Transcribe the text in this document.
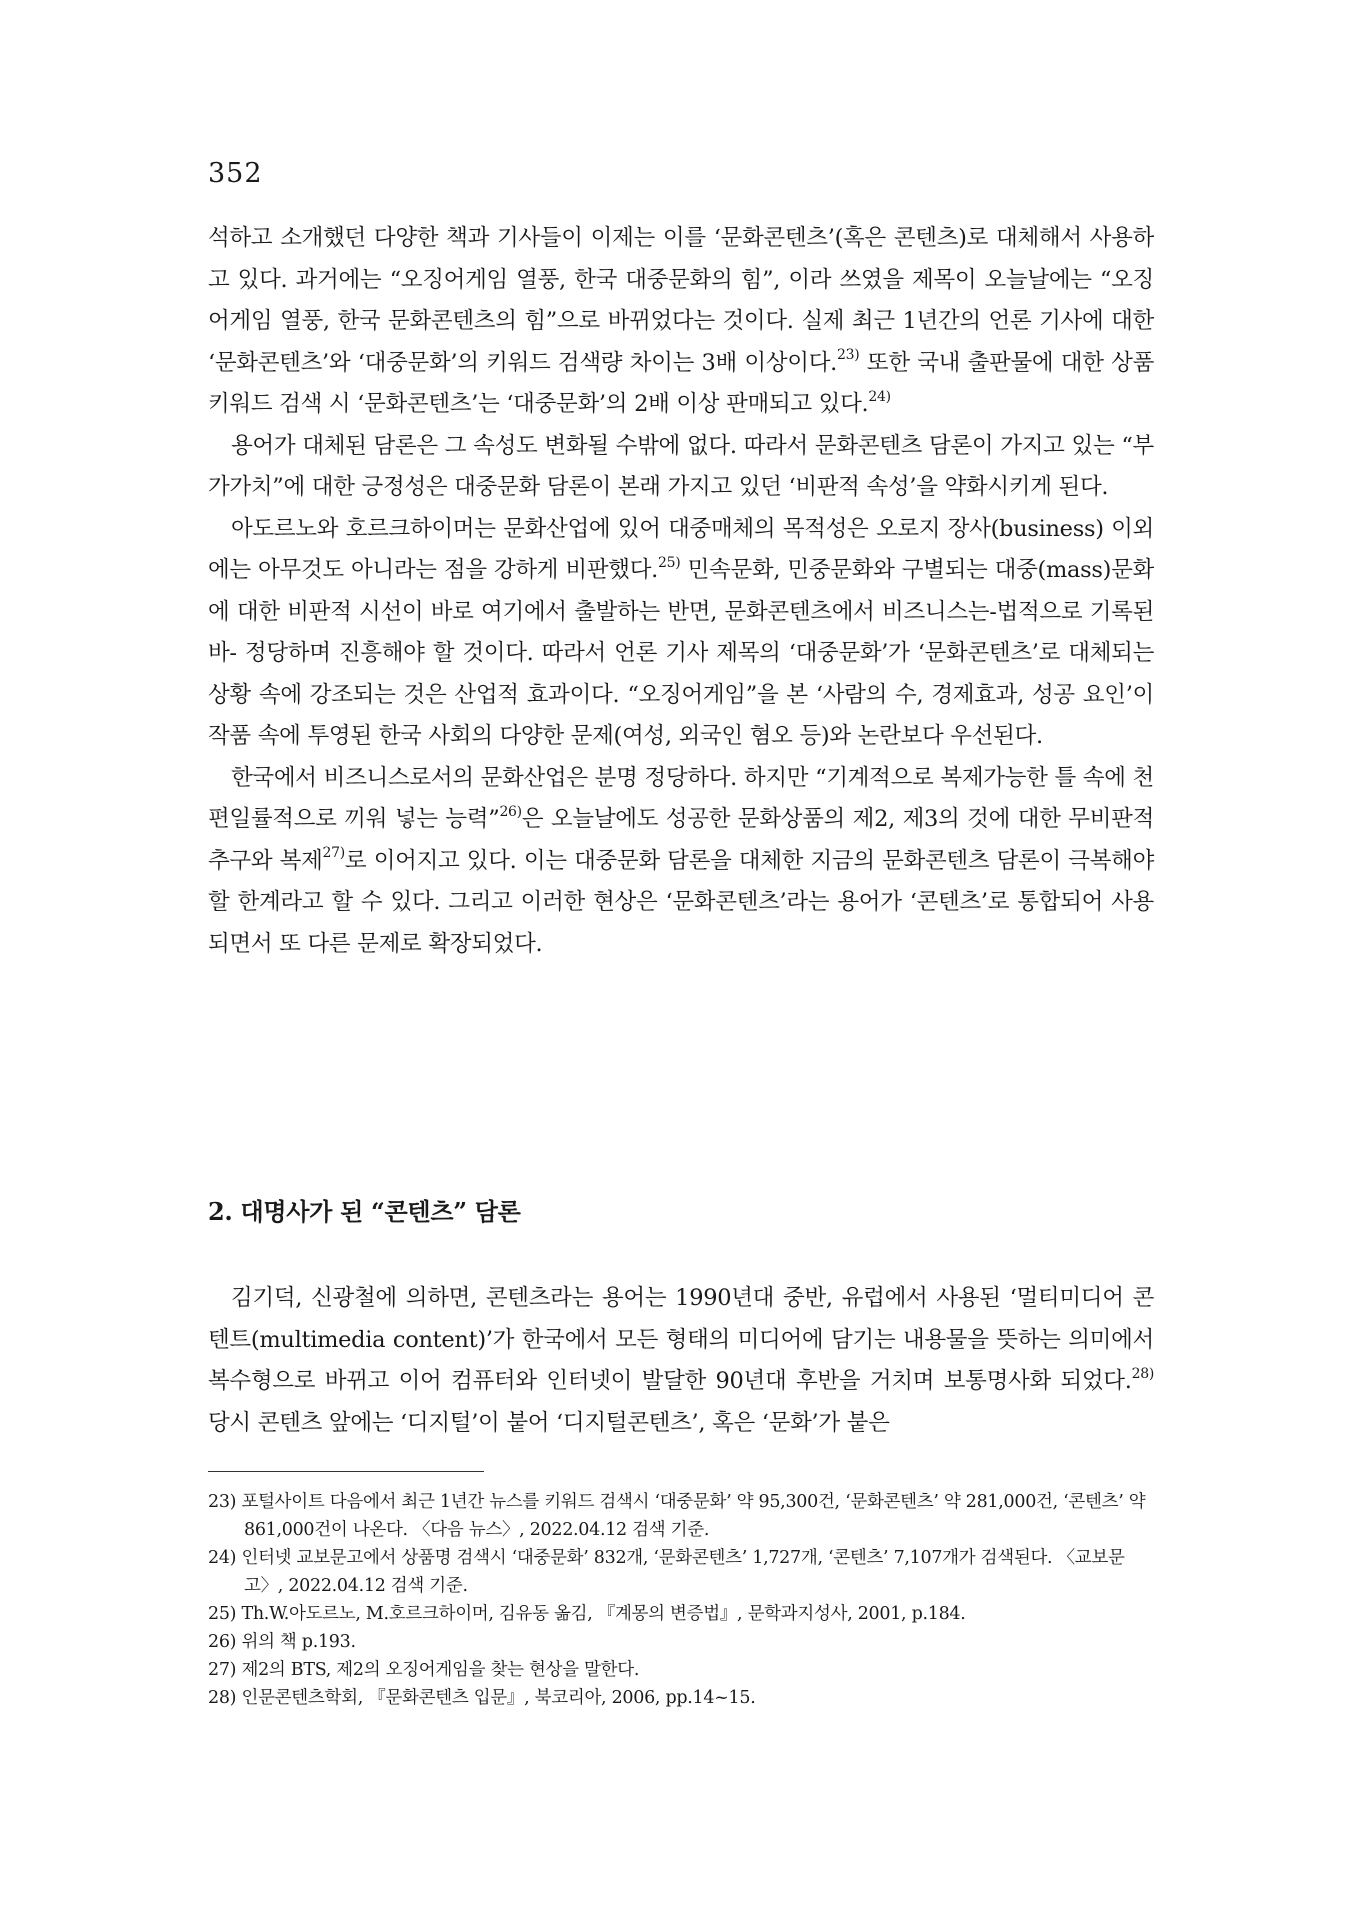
352

석하고 소개했던 다양한 책과 기사들이 이제는 이를 ‘문화콘텐츠’(혹은 콘텐츠)로 대체해서 사용하고 있다. 과거에는 “오징어게임 열풍, 한국 대중문화의 힘”, 이라 쓰였을 제목이 오늘날에는 “오징어게임 열풍, 한국 문화콘텐츠의 힘”으로 바뀌었다는 것이다. 실제 최근 1년간의 언론 기사에 대한 ‘문화콘텐츠’와 ‘대중문화’의 키워드 검색량 차이는 3배 이상이다.$^{23)}$ 또한 국내 출판물에 대한 상품 키워드 검색 시 ‘문화콘텐츠’는 ‘대중문화’의 2배 이상 판매되고 있다.$^{24)}$

용어가 대체된 담론은 그 속성도 변화될 수밖에 없다. 따라서 문화콘텐츠 담론이 가지고 있는 “부가가치”에 대한 긍정성은 대중문화 담론이 본래 가지고 있던 ‘비판적 속성’을 약화시키게 된다.

아도르노와 호르크하이머는 문화산업에 있어 대중매체의 목적성은 오로지 장사(business) 이외에는 아무것도 아니라는 점을 강하게 비판했다.$^{25)}$ 민속문화, 민중문화와 구별되는 대중(mass)문화에 대한 비판적 시선이 바로 여기에서 출발하는 반면, 문화콘텐츠에서 비즈니스는-법적으로 기록된바- 정당하며 진흥해야 할 것이다. 따라서 언론 기사 제목의 ‘대중문화’가 ‘문화콘텐츠’로 대체되는 상황 속에 강조되는 것은 산업적 효과이다. “오징어게임”을 본 ‘사람의 수, 경제효과, 성공 요인’이 작품 속에 투영된 한국 사회의 다양한 문제(여성, 외국인 혐오 등)와 논란보다 우선된다.

한국에서 비즈니스로서의 문화산업은 분명 정당하다. 하지만 “기계적으로 복제가능한 틀 속에 천편일률적으로 끼워 넣는 능력”$^{26)}$은 오늘날에도 성공한 문화상품의 제2, 제3의 것에 대한 무비판적 추구와 복제$^{27)}$로 이어지고 있다. 이는 대중문화 담론을 대체한 지금의 문화콘텐츠 담론이 극복해야 할 한계라고 할 수 있다. 그리고 이러한 현상은 ‘문화콘텐츠’라는 용어가 ‘콘텐츠’로 통합되어 사용되면서 또 다른 문제로 확장되었다.

2. 대명사가 된 “콘텐츠” 담론

김기덕, 신광철에 의하면, 콘텐츠라는 용어는 1990년대 중반, 유럽에서 사용된 ‘멀티미디어 콘텐트(multimedia content)’가 한국에서 모든 형태의 미디어에 담기는 내용물을 뜻하는 의미에서 복수형으로 바뀌고 이어 컴퓨터와 인터넷이 발달한 90년대 후반을 거치며 보통명사화 되었다.$^{28)}$ 당시 콘텐츠 앞에는 ‘디지털’이 붙어 ‘디지털콘텐츠’, 혹은 ‘문화’가 붙은

23) 포털사이트 다음에서 최근 1년간 뉴스를 키워드 검색시 ‘대중문화’ 약 95,300건, ‘문화콘텐츠’ 약 281,000건, ‘콘텐츠’ 약 861,000건이 나온다. 〈다음 뉴스〉, 2022.04.12 검색 기준.
24) 인터넷 교보문고에서 상품명 검색시 ‘대중문화’ 832개, ‘문화콘텐츠’ 1,727개, ‘콘텐츠’ 7,107개가 검색된다. 〈교보문고〉, 2022.04.12 검색 기준.
25) Th.W.아도르노, M.호르크하이머, 김유동 옮김, 『계몽의 변증법』, 문학과지성사, 2001, p.184.
26) 위의 책 p.193.
27) 제2의 BTS, 제2의 오징어게임을 찾는 현상을 말한다.
28) 인문콘텐츠학회, 『문화콘텐츠 입문』, 북코리아, 2006, pp.14~15.
